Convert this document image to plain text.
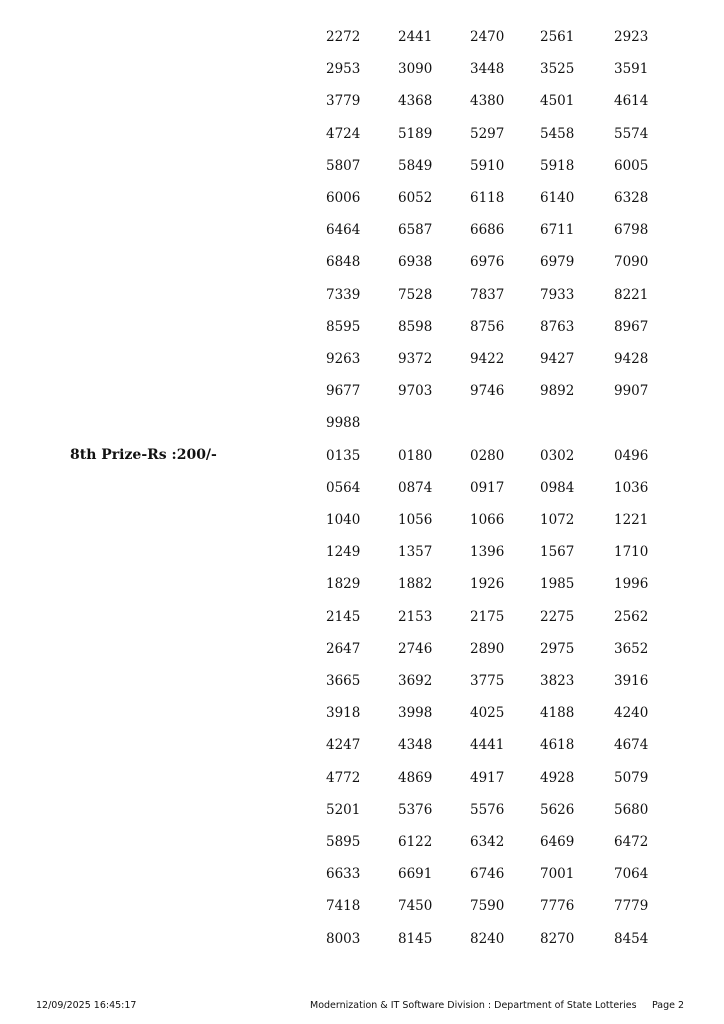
2272	2441	2470	2561	2923
2953	3090	3448	3525	3591
3779	4368	4380	4501	4614
4724	5189	5297	5458	5574
5807	5849	5910	5918	6005
6006	6052	6118	6140	6328
6464	6587	6686	6711	6798
6848	6938	6976	6979	7090
7339	7528	7837	7933	8221
8595	8598	8756	8763	8967
9263	9372	9422	9427	9428
9677	9703	9746	9892	9907
9988
8th Prize-Rs :200/-	0135	0180	0280	0302	0496
0564	0874	0917	0984	1036
1040	1056	1066	1072	1221
1249	1357	1396	1567	1710
1829	1882	1926	1985	1996
2145	2153	2175	2275	2562
2647	2746	2890	2975	3652
3665	3692	3775	3823	3916
3918	3998	4025	4188	4240
4247	4348	4441	4618	4674
4772	4869	4917	4928	5079
5201	5376	5576	5626	5680
5895	6122	6342	6469	6472
6633	6691	6746	7001	7064
7418	7450	7590	7776	7779
8003	8145	8240	8270	8454
12/09/2025 16:45:17	Modernization & IT Software Division : Department of State Lotteries Page 2
